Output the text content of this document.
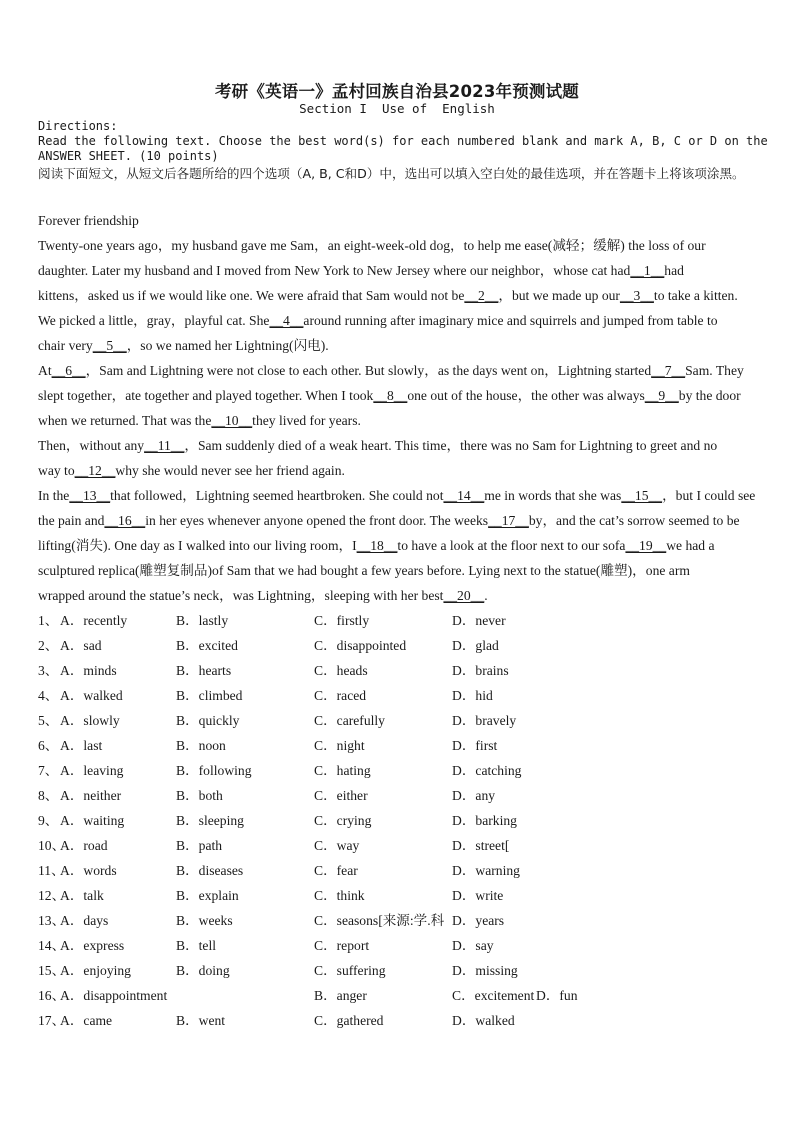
考研《英语一》孟村回族自治县2023年预测试题
Section I  Use of  English
Directions:
Read the following text. Choose the best word(s) for each numbered blank and mark A, B, C or D on the
ANSWER SHEET. (10 points)
阅读下面短文，从短文后各题所给的四个选项（A, B, C和D）中，选出可以填入空白处的最佳选项，并在答题卡上将该项涂黑。
Forever friendship
Twenty-one years ago，my husband gave me Sam，an eight-week-old dog，to help me ease(减轻；缓解) the loss of our
daughter. Later my husband and I moved from New York to New Jersey where our neighbor，whose cat had__1__had
kittens，asked us if we would like one. We were afraid that Sam would not be__2__，but we made up our__3__to take a kitten.
We picked a little，gray，playful cat. She__4__around running after imaginary mice and squirrels and jumped from table to
chair very__5__，so we named her Lightning(闪电).
At__6__，Sam and Lightning were not close to each other. But slowly，as the days went on，Lightning started__7__Sam. They
slept together，ate together and played together. When I took__8__one out of the house，the other was always__9__by the door
when we returned. That was the__10__they lived for years.
Then，without any__11__，Sam suddenly died of a weak heart. This time，there was no Sam for Lightning to greet and no
way to__12__why she would never see her friend again.
In the__13__that followed，Lightning seemed heartbroken. She could not__14__me in words that she was__15__，but I could see
the pain and__16__in her eyes whenever anyone opened the front door. The weeks__17__by，and the cat’s sorrow seemed to be
lifting(消失). One day as I walked into our living room，I__18__to have a look at the floor next to our sofa__19__we had a
sculptured replica(雕塑复制品)of Sam that we had bought a few years before. Lying next to the statue(雕塑)，one arm
wrapped around the statue’s neck，was Lightning，sleeping with her best__20__.
1、 A．recently	B．lastly	C．firstly	D．never
2、 A．sad	B．excited	C．disappointed	D．glad
3、 A．minds	B．hearts	C．heads	D．brains
4、 A．walked	B．climbed	C．raced	D．hid
5、 A．slowly	B．quickly	C．carefully	D．bravely
6、 A．last	B．noon	C．night	D．first
7、 A．leaving	B．following	C．hating	D．catching
8、 A．neither	B．both	C．either	D．any
9、 A．waiting	B．sleeping	C．crying	D．barking
10、
A．road	B．path	C．way	D．street[
11、
A．words	B．diseases	C．fear	D．warning
12、
A．talk	B．explain	C．think	D．write
13、
A．days	B．weeks	C．seasons[来源:学.科 D．years
14、
A．express	B．tell	C．report	D．say
15、
A．enjoying	B．doing	C．suffering	D．missing
16、
A．disappointment	B．anger	C．excitement D．fun
17、
A．came	B．went	C．gathered	D．walked
